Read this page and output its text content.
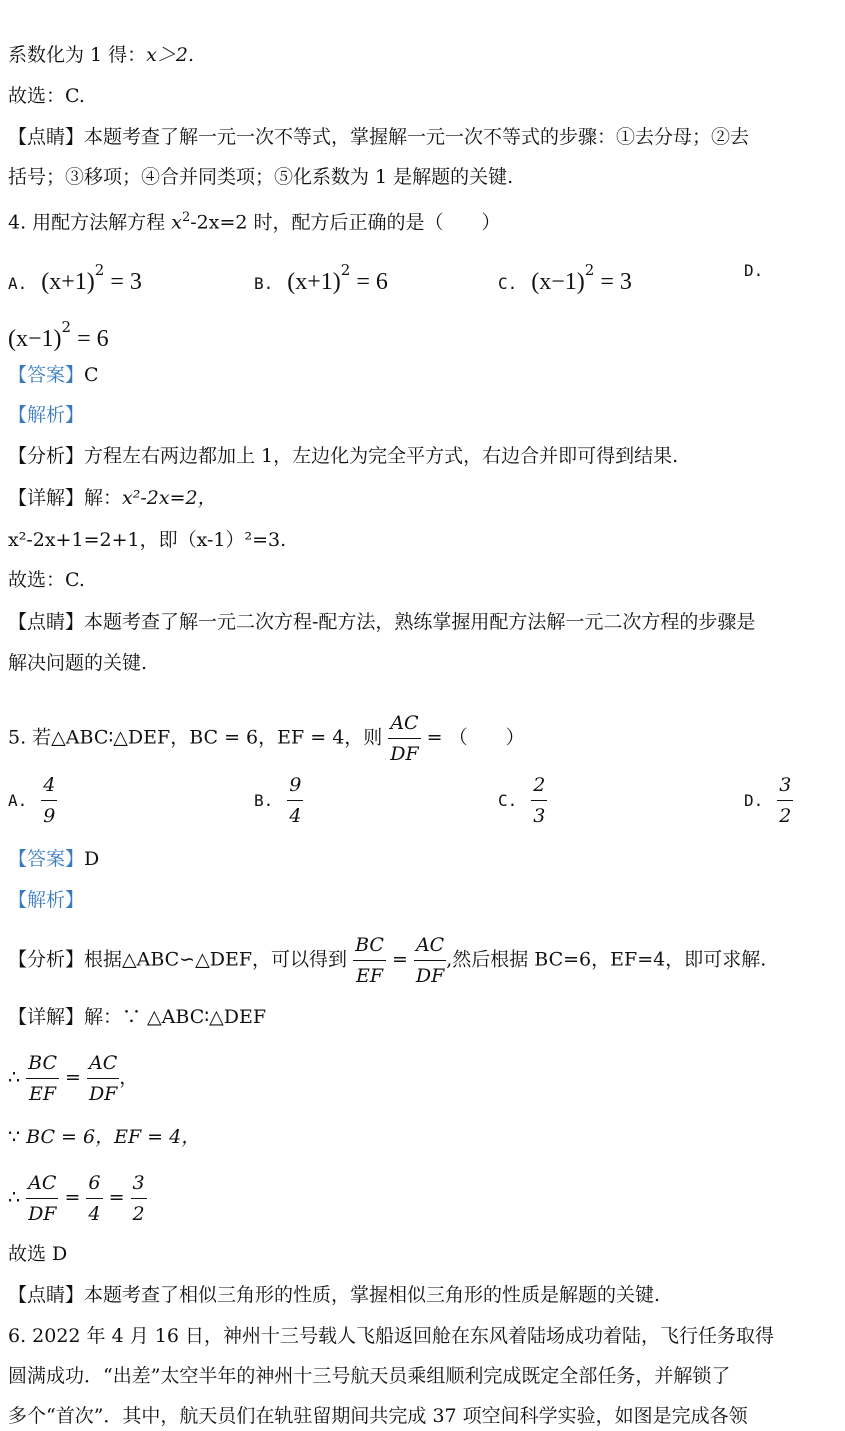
系数化为 1 得：x＞2.
故选：C.
【点睛】本题考查了解一元一次不等式，掌握解一元一次不等式的步骤：①去分母；②去
括号；③移项；④合并同类项；⑤化系数为 1 是解题的关键.
4. 用配方法解方程 $x^2-2x=2$ 时，配方后正确的是（　　）
A. $(x+1)^2 = 3$	B. $(x+1)^2 = 6$	C. $(x-1)^2 = 3$	D.
$(x-1)^2 = 6$
【答案】C
【解析】
【分析】方程左右两边都加上 1，左边化为完全平方式，右边合并即可得到结果.
【详解】解：x²-2x=2，
x²-2x+1=2+1，即（x-1）²=3.
故选：C.
【点睛】本题考查了解一元二次方程-配方法，熟练掌握用配方法解一元二次方程的步骤是
解决问题的关键.
5. 若△ABC∶△DEF，BC = 6，EF = 4，则 $\frac{AC}{DF}$ = （　　）
A. $\frac{4}{9}$	B. $\frac{9}{4}$	C. $\frac{2}{3}$	D. $\frac{3}{2}$
【答案】D
【解析】
【分析】根据△ABC∽△DEF，可以得到 $\frac{BC}{EF} = \frac{AC}{DF}$ ,然后根据 BC=6，EF=4，即可求解.
【详解】解：∵ △ABC∶△DEF
∴ $\frac{BC}{EF} = \frac{AC}{DF}$ ，
∵ BC = 6，EF = 4，
∴ $\frac{AC}{DF} = \frac{6}{4} = \frac{3}{2}$
故选 D
【点睛】本题考查了相似三角形的性质，掌握相似三角形的性质是解题的关键.
6. 2022 年 4 月 16 日，神州十三号载人飞船返回舱在东风着陆场成功着陆，飞行任务取得
圆满成功．“出差”太空半年的神州十三号航天员乘组顺利完成既定全部任务，并解锁了
多个“首次”．其中，航天员们在轨驻留期间共完成 37 项空间科学实验，如图是完成各领
